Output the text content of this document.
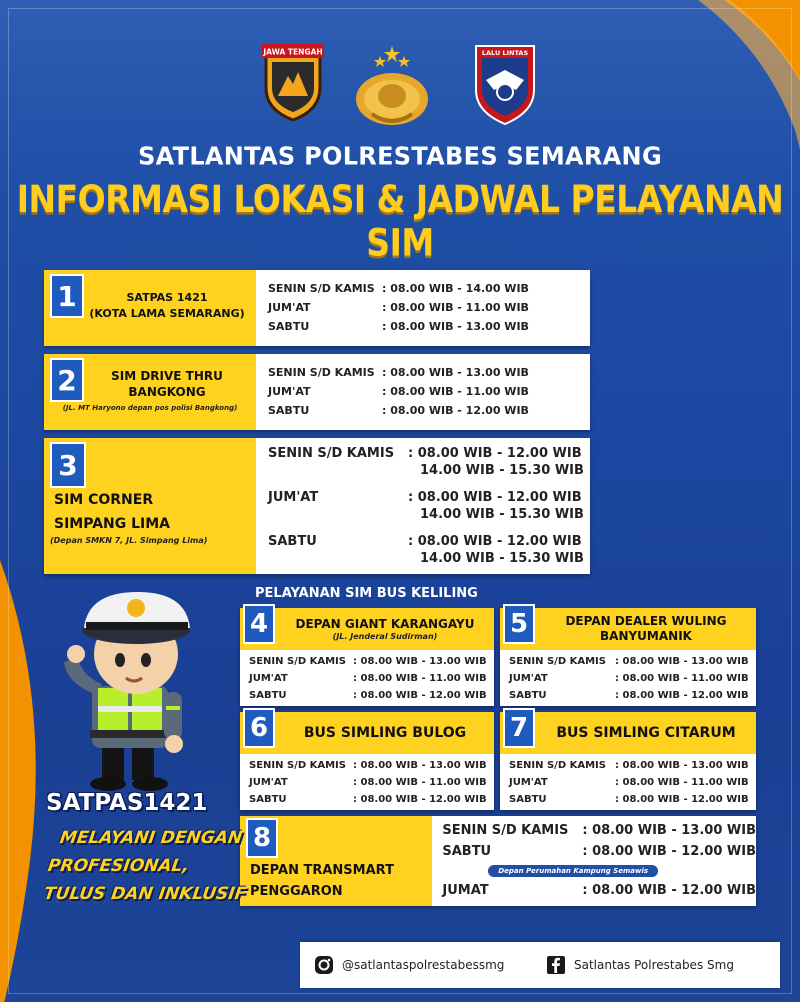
JAWA TENGAH	LALU LINTAS
SATLANTAS POLRESTABES SEMARANG
INFORMASI LOKASI & JADWAL PELAYANAN SIM
1	SATPAS 1421
(KOTA LAMA SEMARANG)
SENIN S/D KAMIS : 08.00 WIB - 14.00 WIB
JUM'AT	: 08.00 WIB - 11.00 WIB
SABTU	: 08.00 WIB - 13.00 WIB
2	SIM DRIVE THRU
BANGKONG
(JL. MT Haryono depan pos polisi Bangkong)
SENIN S/D KAMIS : 08.00 WIB - 13.00 WIB
JUM'AT	: 08.00 WIB - 11.00 WIB
SABTU	: 08.00 WIB - 12.00 WIB
3
SIM CORNER
SIMPANG LIMA
(Depan SMKN 7, JL. Simpang Lima)
SENIN S/D KAMIS	: 08.00 WIB - 12.00 WIB
14.00 WIB - 15.30 WIB
JUM'AT	: 08.00 WIB - 12.00 WIB
14.00 WIB - 15.30 WIB
SABTU	: 08.00 WIB - 12.00 WIB
14.00 WIB - 15.30 WIB
PELAYANAN SIM BUS KELILING
4	DEPAN GIANT KARANGAYU
(JL. Jenderal Sudirman)
SENIN S/D KAMIS : 08.00 WIB - 13.00 WIB
JUM'AT	: 08.00 WIB - 11.00 WIB
SABTU	: 08.00 WIB - 12.00 WIB
5	DEPAN DEALER WULING
BANYUMANIK
SENIN S/D KAMIS : 08.00 WIB - 13.00 WIB
JUM'AT	: 08.00 WIB - 11.00 WIB
SABTU	: 08.00 WIB - 12.00 WIB
6	BUS SIMLING BULOG
SENIN S/D KAMIS : 08.00 WIB - 13.00 WIB
JUM'AT	: 08.00 WIB - 11.00 WIB
SABTU	: 08.00 WIB - 12.00 WIB
7	BUS SIMLING CITARUM
SENIN S/D KAMIS : 08.00 WIB - 13.00 WIB
JUM'AT	: 08.00 WIB - 11.00 WIB
SABTU	: 08.00 WIB - 12.00 WIB
8
DEPAN TRANSMART
PENGGARON
SENIN S/D KAMIS	: 08.00 WIB - 13.00 WIB
SABTU	: 08.00 WIB - 12.00 WIB
Depan Perumahan Kampung Semawis
JUMAT	: 08.00 WIB - 12.00 WIB
SATPAS1421
MELAYANI DENGAN
PROFESIONAL,
TULUS DAN INKLUSIF
@satlantaspolrestabessmg	Satlantas Polrestabes Smg
